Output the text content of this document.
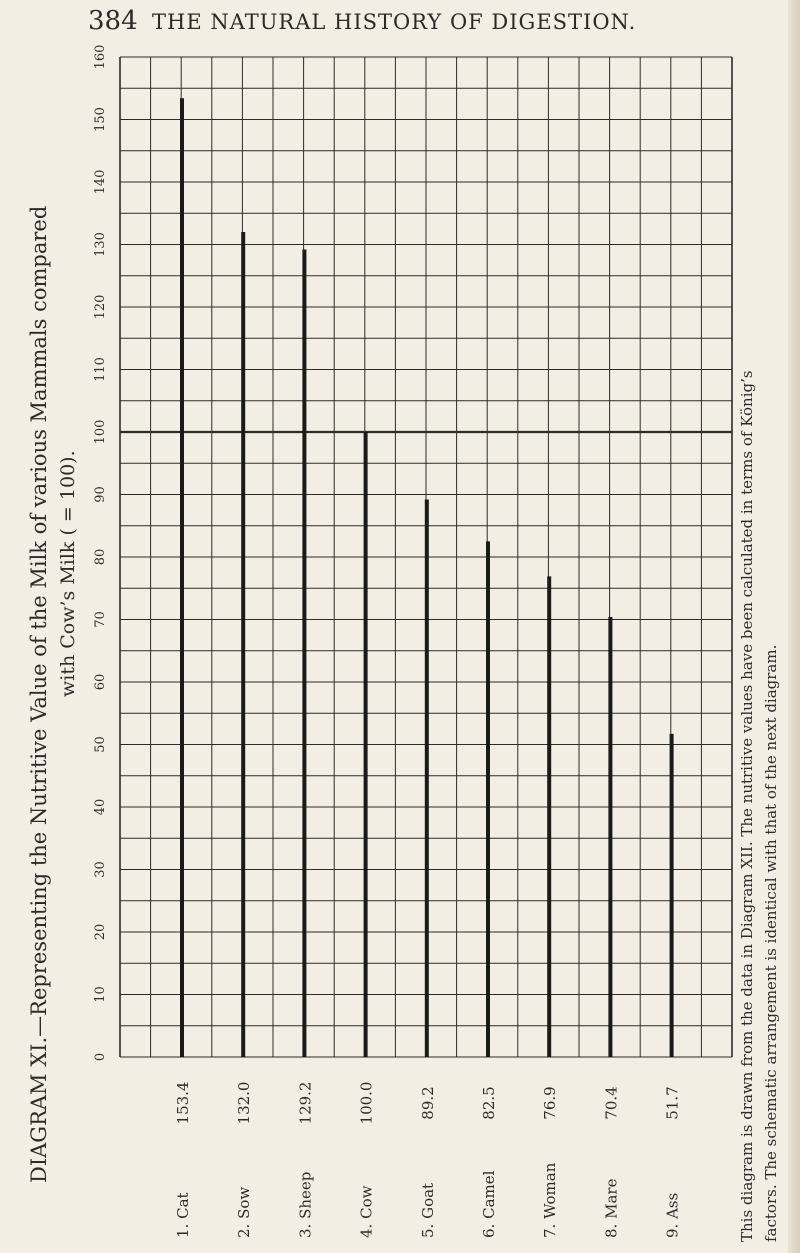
384 THE NATURAL HISTORY OF DIGESTION.
0
10
20
30
40
50
60
70
80
90
100
110
120
130
140
150
160
153.4	132.0	129.2	100.0	89.2	82.5	76.9	70.4	51.7
1. Cat
2. Sow
3. Sheep
4. Cow
5. Goat
6. Camel
7. Woman
8. Mare
9. Ass
DIAGRAM XI.—Representing the Nutritive Value of the Milk of various Mammals compared with Cow’s Milk ( = 100).	This diagram is drawn from the data in Diagram XII. The nutritive values have been calculated in terms of König’s factors. The schematic arrangement is identical with that of the next diagram.
